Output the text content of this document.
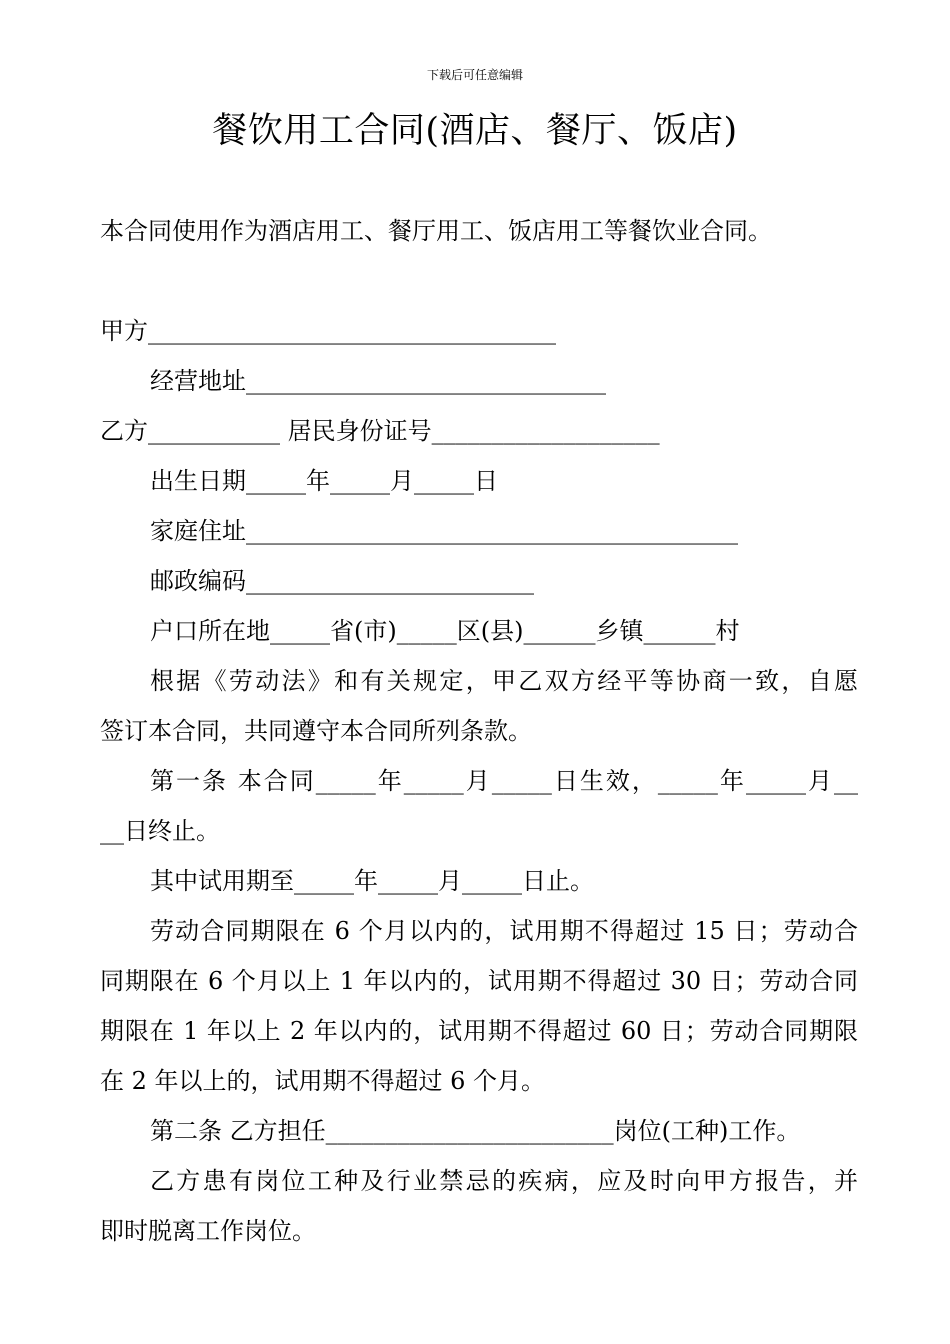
下载后可任意编辑
餐饮用工合同(酒店、餐厅、饭店)
本合同使用作为酒店用工、餐厅用工、饭店用工等餐饮业合同。
甲方__________________________________
经营地址______________________________
乙方___________ 居民身份证号___________________
出生日期_____年_____月_____日
家庭住址_________________________________________
邮政编码________________________
户口所在地_____省(市)_____区(县)______乡镇______村
根据《劳动法》和有关规定，甲乙双方经平等协商一致，自愿
签订本合同，共同遵守本合同所列条款。
第一条 本合同_____年_____月_____日生效，_____年_____月__
__日终止。
其中试用期至_____年_____月_____日止。
劳动合同期限在 6 个月以内的，试用期不得超过 15 日；劳动合
同期限在 6 个月以上 1 年以内的，试用期不得超过 30 日；劳动合同
期限在 1 年以上 2 年以内的，试用期不得超过 60 日；劳动合同期限
在 2 年以上的，试用期不得超过 6 个月。
第二条 乙方担任________________________岗位(工种)工作。
乙方患有岗位工种及行业禁忌的疾病，应及时向甲方报告，并
即时脱离工作岗位。
